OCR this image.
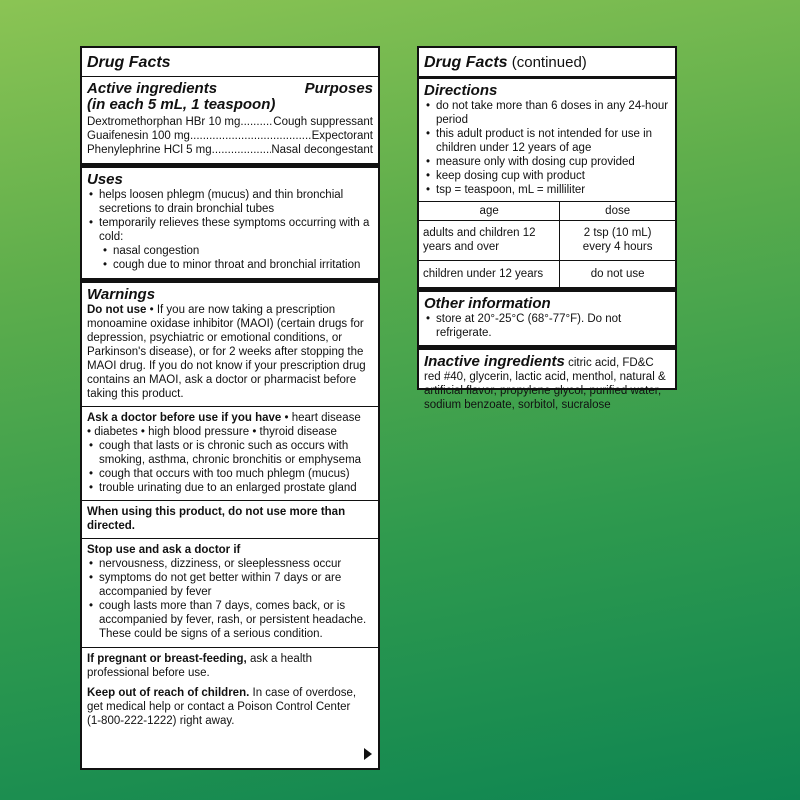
Drug Facts
Active ingredients	Purposes
(in each 5 mL, 1 teaspoon)
Dextromethorphan HBr 10 mg .....	Cough suppressant
Guaifenesin 100 mg .....	Expectorant
Phenylephrine HCl 5 mg .....	Nasal decongestant
Uses
• helps loosen phlegm (mucus) and thin bronchial secretions to drain bronchial tubes
• temporarily relieves these symptoms occurring with a cold:
• nasal congestion
• cough due to minor throat and bronchial irritation
Warnings
Do not use • If you are now taking a prescription monoamine oxidase inhibitor (MAOI) (certain drugs for depression, psychiatric or emotional conditions, or Parkinson's disease), or for 2 weeks after stopping the MAOI drug. If you do not know if your prescription drug contains an MAOI, ask a doctor or pharmacist before taking this product.
Ask a doctor before use if you have • heart disease
• diabetes • high blood pressure • thyroid disease
• cough that lasts or is chronic such as occurs with smoking, asthma, chronic bronchitis or emphysema
• cough that occurs with too much phlegm (mucus)
• trouble urinating due to an enlarged prostate gland
When using this product, do not use more than directed.
Stop use and ask a doctor if
• nervousness, dizziness, or sleeplessness occur
• symptoms do not get better within 7 days or are accompanied by fever
• cough lasts more than 7 days, comes back, or is accompanied by fever, rash, or persistent headache. These could be signs of a serious condition.
If pregnant or breast-feeding, ask a health professional before use.
Keep out of reach of children. In case of overdose, get medical help or contact a Poison Control Center (1-800-222-1222) right away.
Drug Facts (continued)
Directions
• do not take more than 6 doses in any 24-hour period
• this adult product is not intended for use in children under 12 years of age
• measure only with dosing cup provided
• keep dosing cup with product
• tsp = teaspoon, mL = milliliter
age	dose
adults and children 12 years and over	2 tsp (10 mL) every 4 hours
children under 12 years	do not use
Other information
• store at 20°-25°C (68°-77°F). Do not refrigerate.
Inactive ingredients citric acid, FD&C red #40, glycerin, lactic acid, menthol, natural & artificial flavor, propylene glycol, purified water, sodium benzoate, sorbitol, sucralose
